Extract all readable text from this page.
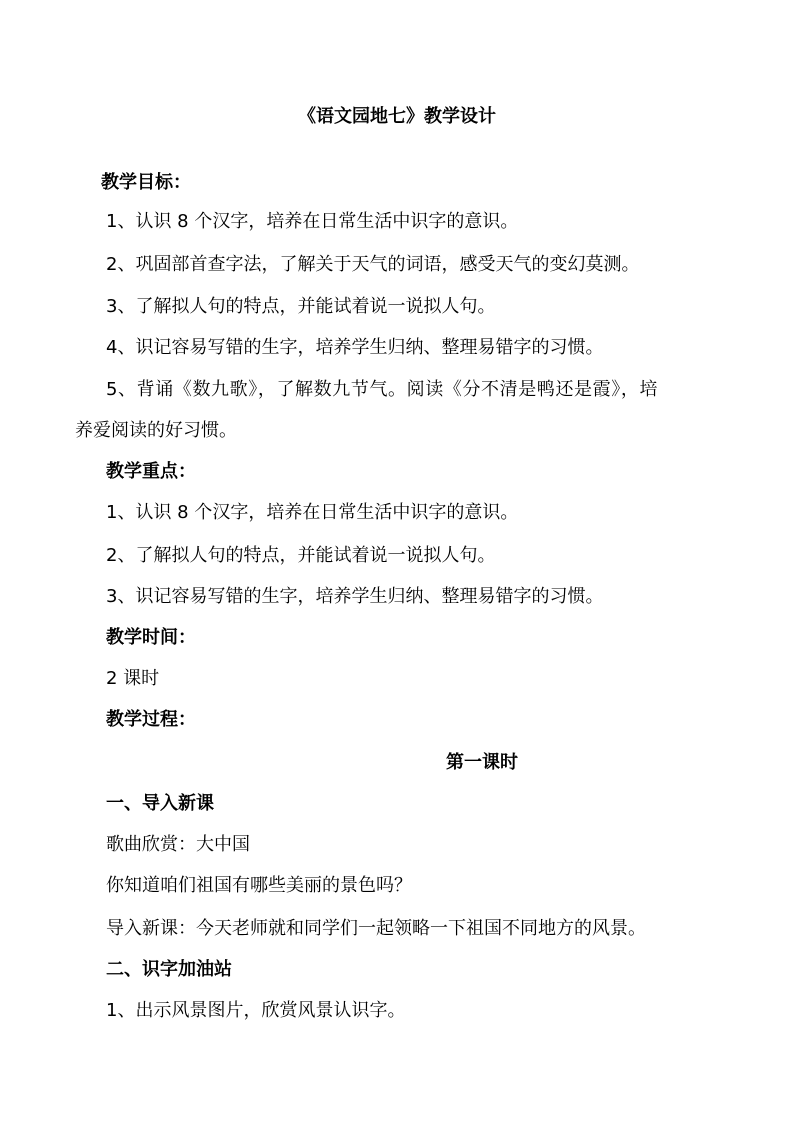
《语文园地七》教学设计
教学目标：
1、认识 8 个汉字，培养在日常生活中识字的意识。
2、巩固部首查字法，了解关于天气的词语，感受天气的变幻莫测。
3、了解拟人句的特点，并能试着说一说拟人句。
4、识记容易写错的生字，培养学生归纳、整理易错字的习惯。
5、背诵《数九歌》，了解数九节气。阅读《分不清是鸭还是霞》，培
养爱阅读的好习惯。
教学重点：
1、认识 8 个汉字，培养在日常生活中识字的意识。
2、了解拟人句的特点，并能试着说一说拟人句。
3、识记容易写错的生字，培养学生归纳、整理易错字的习惯。
教学时间：
2 课时
教学过程：
第一课时
一、导入新课
歌曲欣赏：大中国
你知道咱们祖国有哪些美丽的景色吗？
导入新课：今天老师就和同学们一起领略一下祖国不同地方的风景。
二、识字加油站
1、出示风景图片，欣赏风景认识字。
